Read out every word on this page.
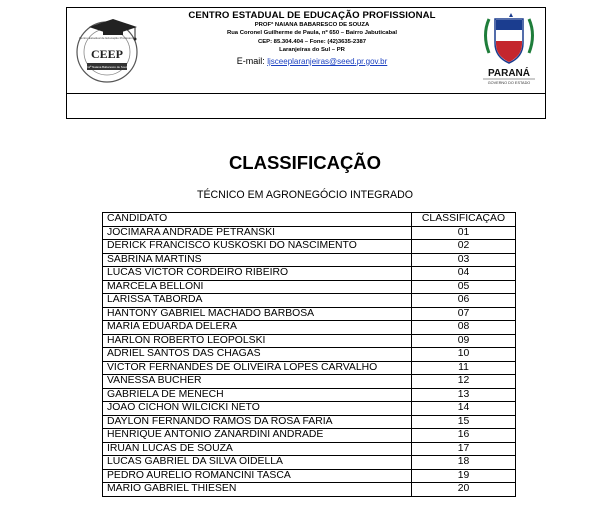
Centro Estadual de Educação Profissional
CEEP
Profª Naiana Babaresco de Souza
CENTRO ESTADUAL DE EDUCAÇÃO PROFISSIONAL
PROFª NAIANA BABARESCO DE SOUZA
Rua Coronel Guilherme de Paula, nº 650 – Bairro Jabuticabal
CEP: 85.304.404 – Fone: (42)3635-2387
Laranjeiras do Sul – PR
E-mail: ljsceeplaranjeiras@seed.pr.gov.br
PARANÁ
GOVERNO DO ESTADO
CLASSIFICAÇÃO
TÉCNICO EM AGRONEGÓCIO INTEGRADO
CANDIDATO	CLASSIFICAÇÃO
JOCIMARA ANDRADE PETRANSKI	01
DERICK FRANCISCO KUSKOSKI DO NASCIMENTO	02
SABRINA MARTINS	03
LUCAS VICTOR CORDEIRO RIBEIRO	04
MARCELA BELLONI	05
LARISSA TABORDA	06
HANTONY GABRIEL MACHADO BARBOSA	07
MARIA EDUARDA DELERA	08
HARLON ROBERTO LEOPOLSKI	09
ADRIEL SANTOS DAS CHAGAS	10
VICTOR FERNANDES DE OLIVEIRA LOPES CARVALHO	11
VANESSA BUCHER	12
GABRIELA DE MENECH	13
JOÃO CICHON WILCICKI NETO	14
DAYLON FERNANDO RAMOS DA ROSA FARIA	15
HENRIQUE ANTONIO ZANARDINI ANDRADE	16
IRUAN LUCAS DE SOUZA	17
LUCAS GABRIEL DA SILVA OIDELLA	18
PEDRO AURÉLIO ROMANCINI TASCA	19
MARIO GABRIEL THIESEN	20
